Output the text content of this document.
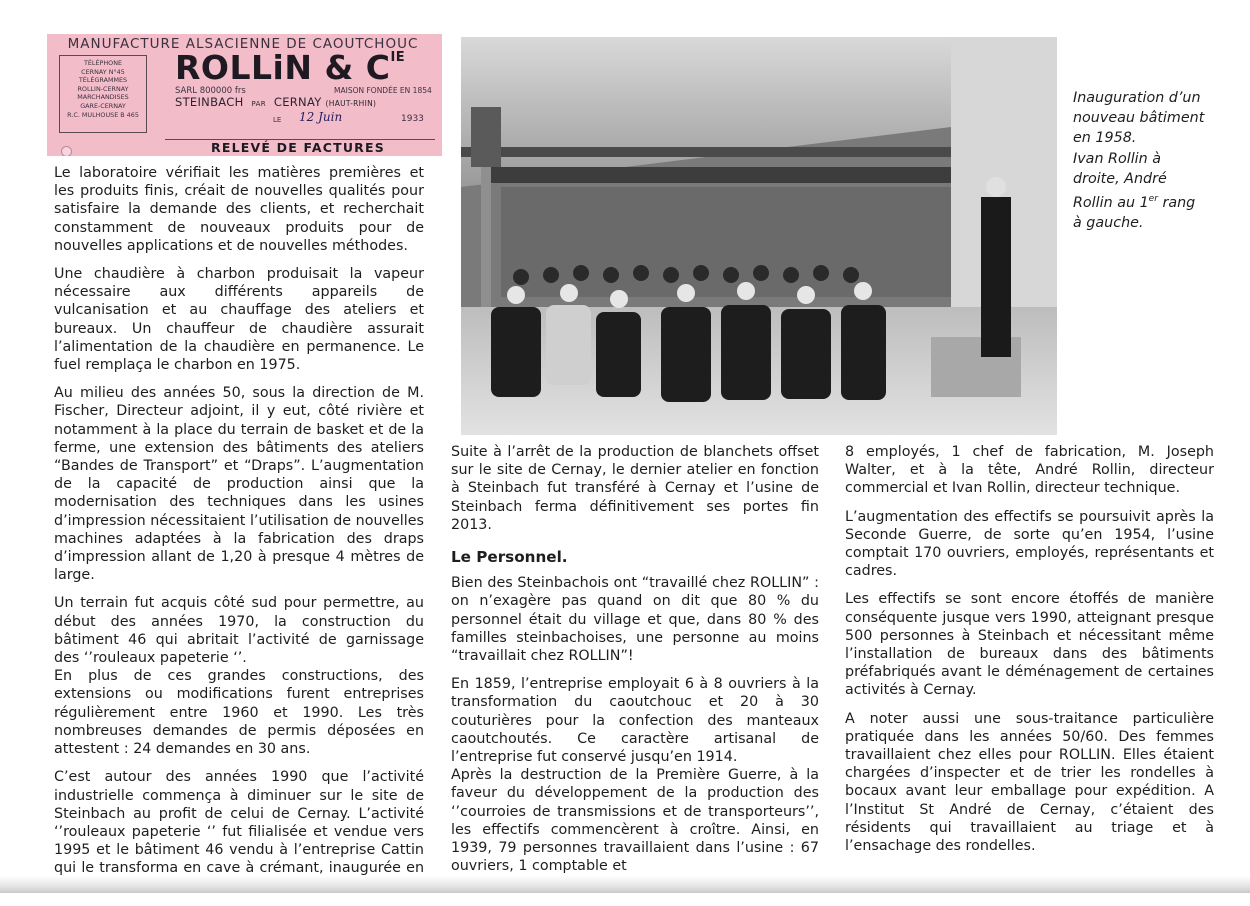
MANUFACTURE ALSACIENNE DE CAOUTCHOUC
TÉLÉPHONE
CERNAY N°45
TÉLÉGRAMMES
ROLLIN-CERNAY
MARCHANDISES
GARE-CERNAY
R.C. MULHOUSE B 465
ROLLiN & $C^{IE}$
SARL 800000 frs	MAISON FONDÉE EN 1854
STEINBACH PAR CERNAY (HAUT-RHIN)
LE 12 Juin	1933
RELEVÉ DE FACTURES
Inauguration d’un
nouveau bâtiment
en 1958.
Ivan Rollin à
droite, André
Rollin au 1er rang
à gauche.

Le laboratoire vérifiait les matières premières et les produits finis, créait de nouvelles qualités pour satisfaire la demande des clients, et recherchait constamment de nouveaux produits pour de nouvelles applications et de nouvelles méthodes.

Une chaudière à charbon produisait la vapeur nécessaire aux différents appareils de vulcanisation et au chauffage des ateliers et bureaux. Un chauffeur de chaudière assurait l’alimentation de la chaudière en permanence. Le fuel remplaça le charbon en 1975.

Au milieu des années 50, sous la direction de M. Fischer, Directeur adjoint, il y eut, côté rivière et notamment à la place du terrain de basket et de la ferme, une extension des bâtiments des ateliers “Bandes de Transport” et “Draps”. L’augmentation de la capacité de production ainsi que la modernisation des techniques dans les usines d’impression nécessitaient l’utilisation de nouvelles machines adaptées à la fabrication des draps d’impression allant de 1,20 à presque 4 mètres de large.

Un terrain fut acquis côté sud pour permettre, au début des années 1970, la construction du bâtiment 46 qui abritait l’activité de garnissage des ‘’rouleaux papeterie ‘’.

En plus de ces grandes constructions, des extensions ou modifications furent entreprises régulièrement entre 1960 et 1990. Les très nombreuses demandes de permis déposées en attestent : 24 demandes en 30 ans.

C’est autour des années 1990 que l’activité industrielle commença à diminuer sur le site de Steinbach au profit de celui de Cernay. L’activité ‘’rouleaux papeterie ‘’ fut filialisée et vendue vers 1995 et le bâtiment 46 vendu à l’entreprise Cattin qui le transforma en cave à crémant, inaugurée en

Suite à l’arrêt de la production de blanchets offset sur le site de Cernay, le dernier atelier en fonction à Steinbach fut transféré à Cernay et l’usine de Steinbach ferma définitivement ses portes fin 2013.

Le Personnel.

Bien des Steinbachois ont “travaillé chez ROLLIN” : on n’exagère pas quand on dit que 80 % du personnel était du village et que, dans 80 % des familles steinbachoises, une personne au moins “travaillait chez ROLLIN”!

En 1859, l’entreprise employait 6 à 8 ouvriers à la transformation du caoutchouc et 20 à 30 couturières pour la confection des manteaux caoutchoutés. Ce caractère artisanal de l’entreprise fut conservé jusqu’en 1914.

Après la destruction de la Première Guerre, à la faveur du développement de la production des ‘’courroies de transmissions et de transporteurs’’, les effectifs commencèrent à croître. Ainsi, en 1939, 79 personnes travaillaient dans l’usine : 67 ouvriers, 1 comptable et

8 employés, 1 chef de fabrication, M. Joseph Walter, et à la tête, André Rollin, directeur commercial et Ivan Rollin, directeur technique.

L’augmentation des effectifs se poursuivit après la Seconde Guerre, de sorte qu’en 1954, l’usine comptait 170 ouvriers, employés, représentants et cadres.

Les effectifs se sont encore étoffés de manière conséquente jusque vers 1990, atteignant presque 500 personnes à Steinbach et nécessitant même l’installation de bureaux dans des bâtiments préfabriqués avant le déménagement de certaines activités à Cernay.

A noter aussi une sous-traitance particulière pratiquée dans les années 50/60. Des femmes travaillaient chez elles pour ROLLIN. Elles étaient chargées d’inspecter et de trier les rondelles à bocaux avant leur emballage pour expédition. A l’Institut St André de Cernay, c’étaient des résidents qui travaillaient au triage et à l’ensachage des rondelles.
